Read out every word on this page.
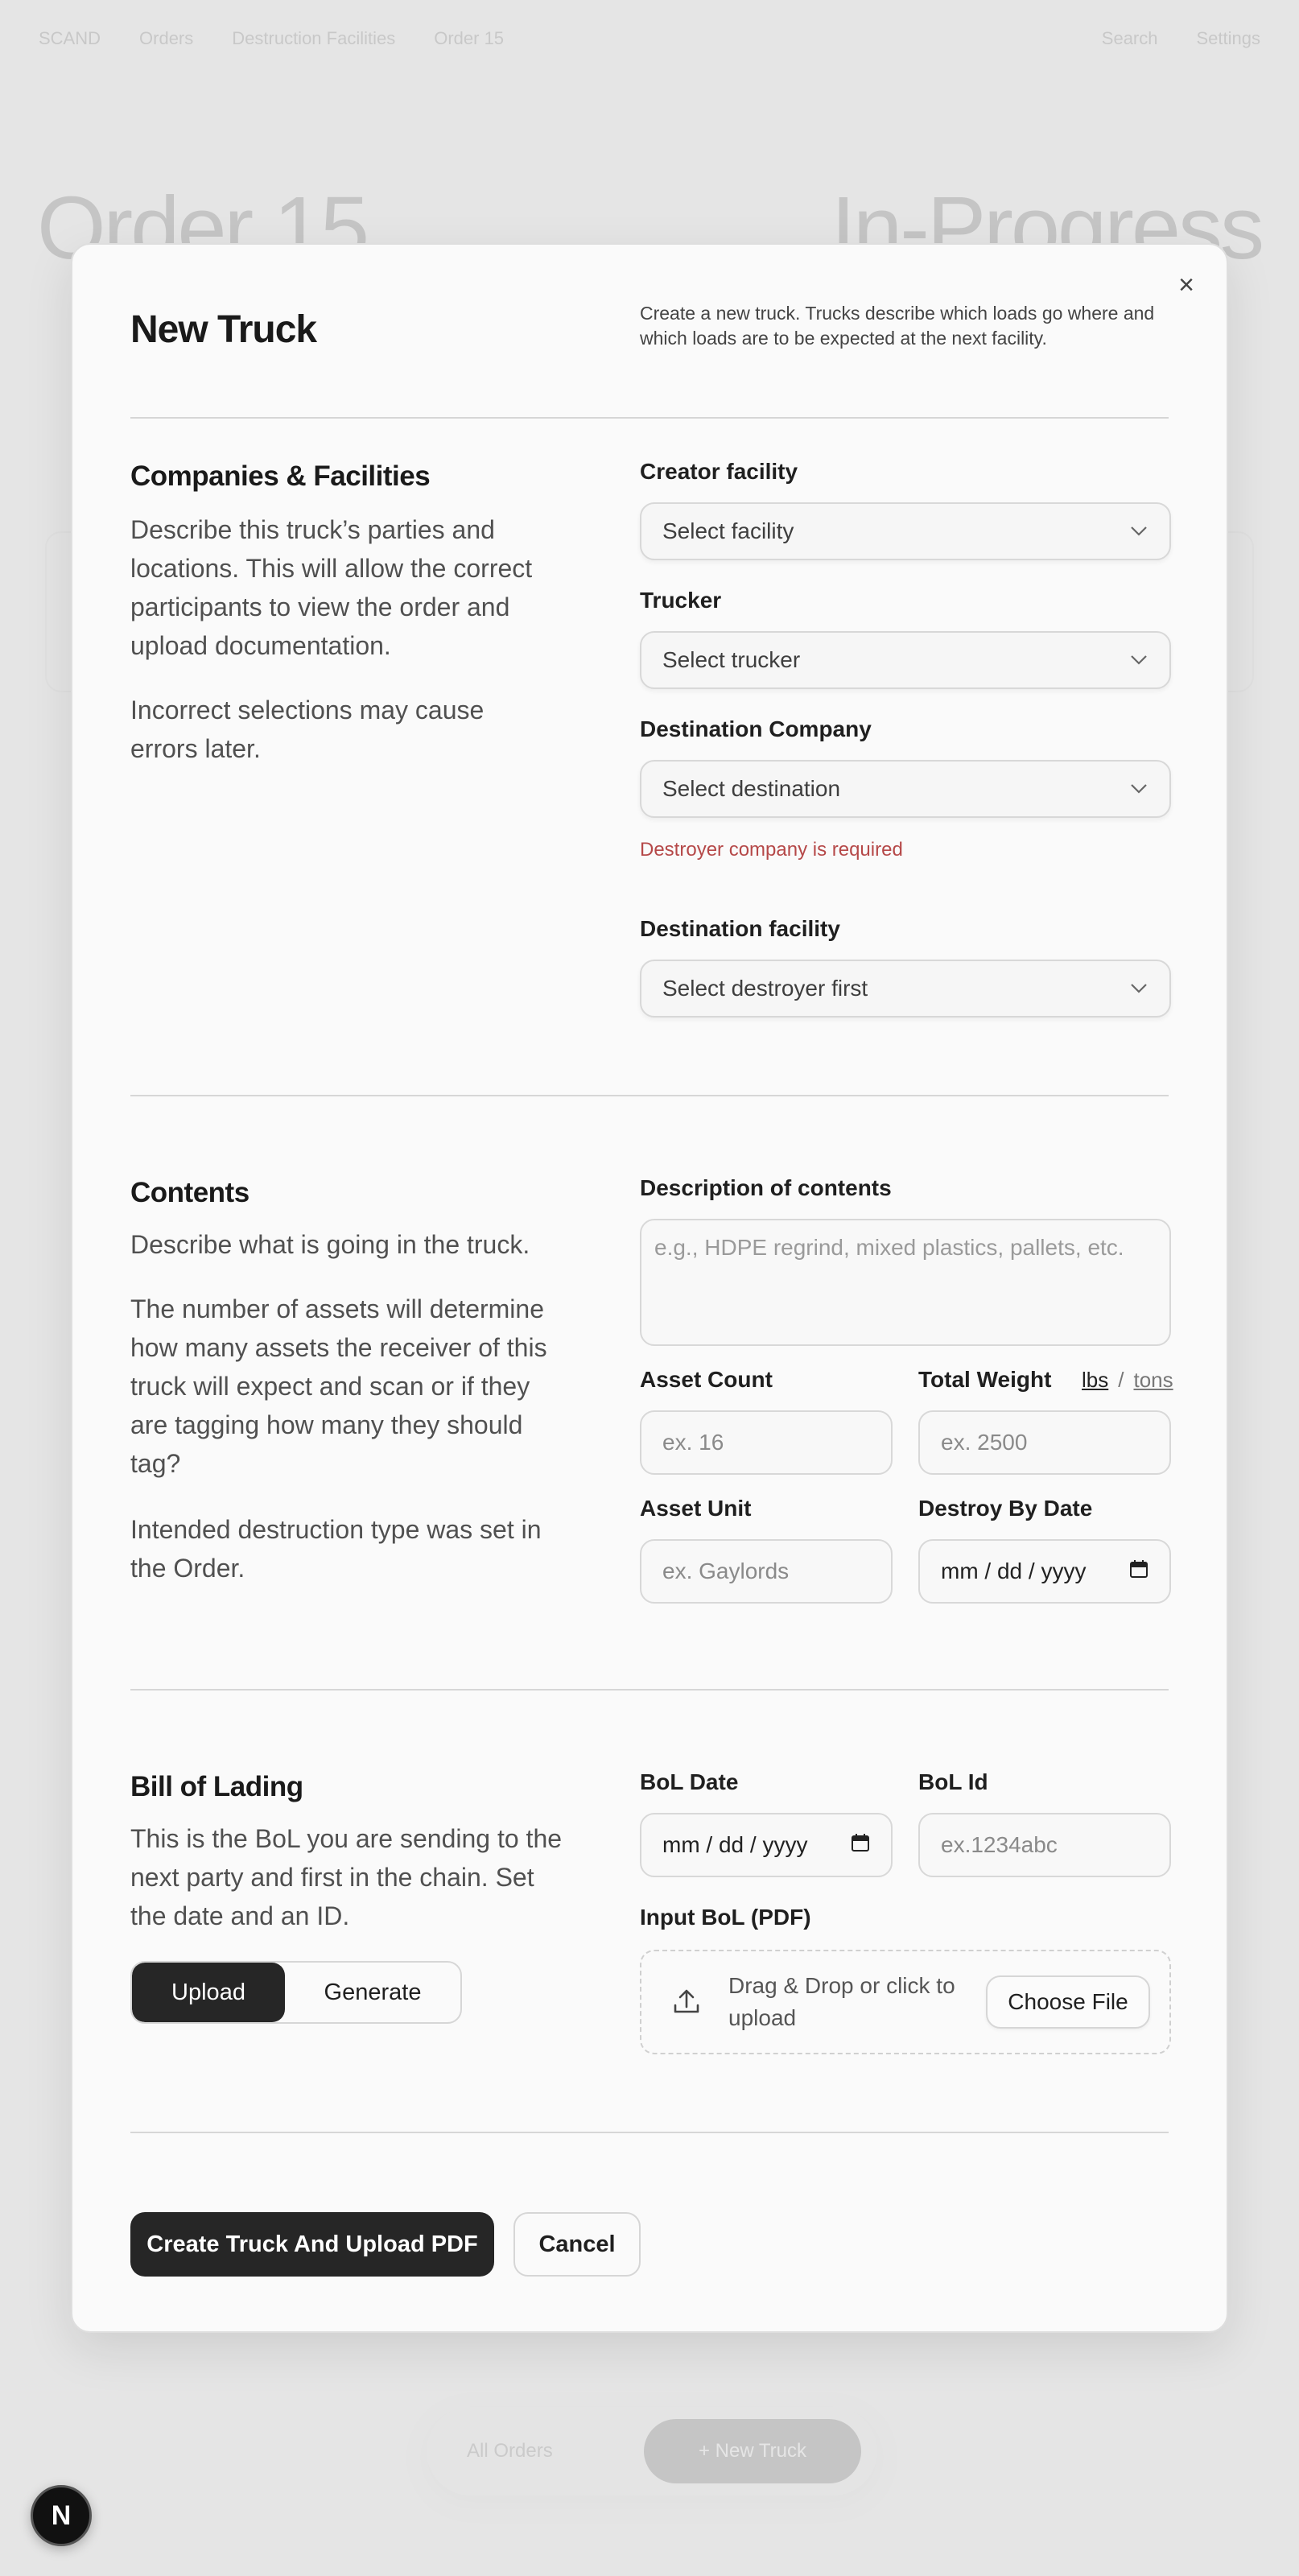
N
×
New Truck	Create a new truck. Trucks describe which loads go where and which loads are to be expected at the next facility.
Companies & Facilities
Describe this truck’s parties and locations. This will allow the correct participants to view the order and upload documentation.
Incorrect selections may cause errors later.
Creator facility
Select facility
Trucker
Select trucker
Destination Company
Select destination
Destroyer company is required
Destination facility
Select destroyer first
Contents
Describe what is going in the truck.
The number of assets will determine how many assets the receiver of this truck will expect and scan or if they are tagging how many they should tag?
Intended destruction type was set in the Order.
Description of contents
e.g., HDPE regrind, mixed plastics, pallets, etc.
Asset Count
ex. 16
Total Weight lbs / tons
ex. 2500
Asset Unit
ex. Gaylords
Destroy By Date
mm / dd / yyyy
Bill of Lading
This is the BoL you are sending to the next party and first in the chain. Set the date and an ID.
Upload	Generate
BoL Date
mm / dd / yyyy
BoL Id
ex.1234abc
Input BoL (PDF)
Drag & Drop or click to upload
Choose File
Create Truck And Upload PDF	Cancel
